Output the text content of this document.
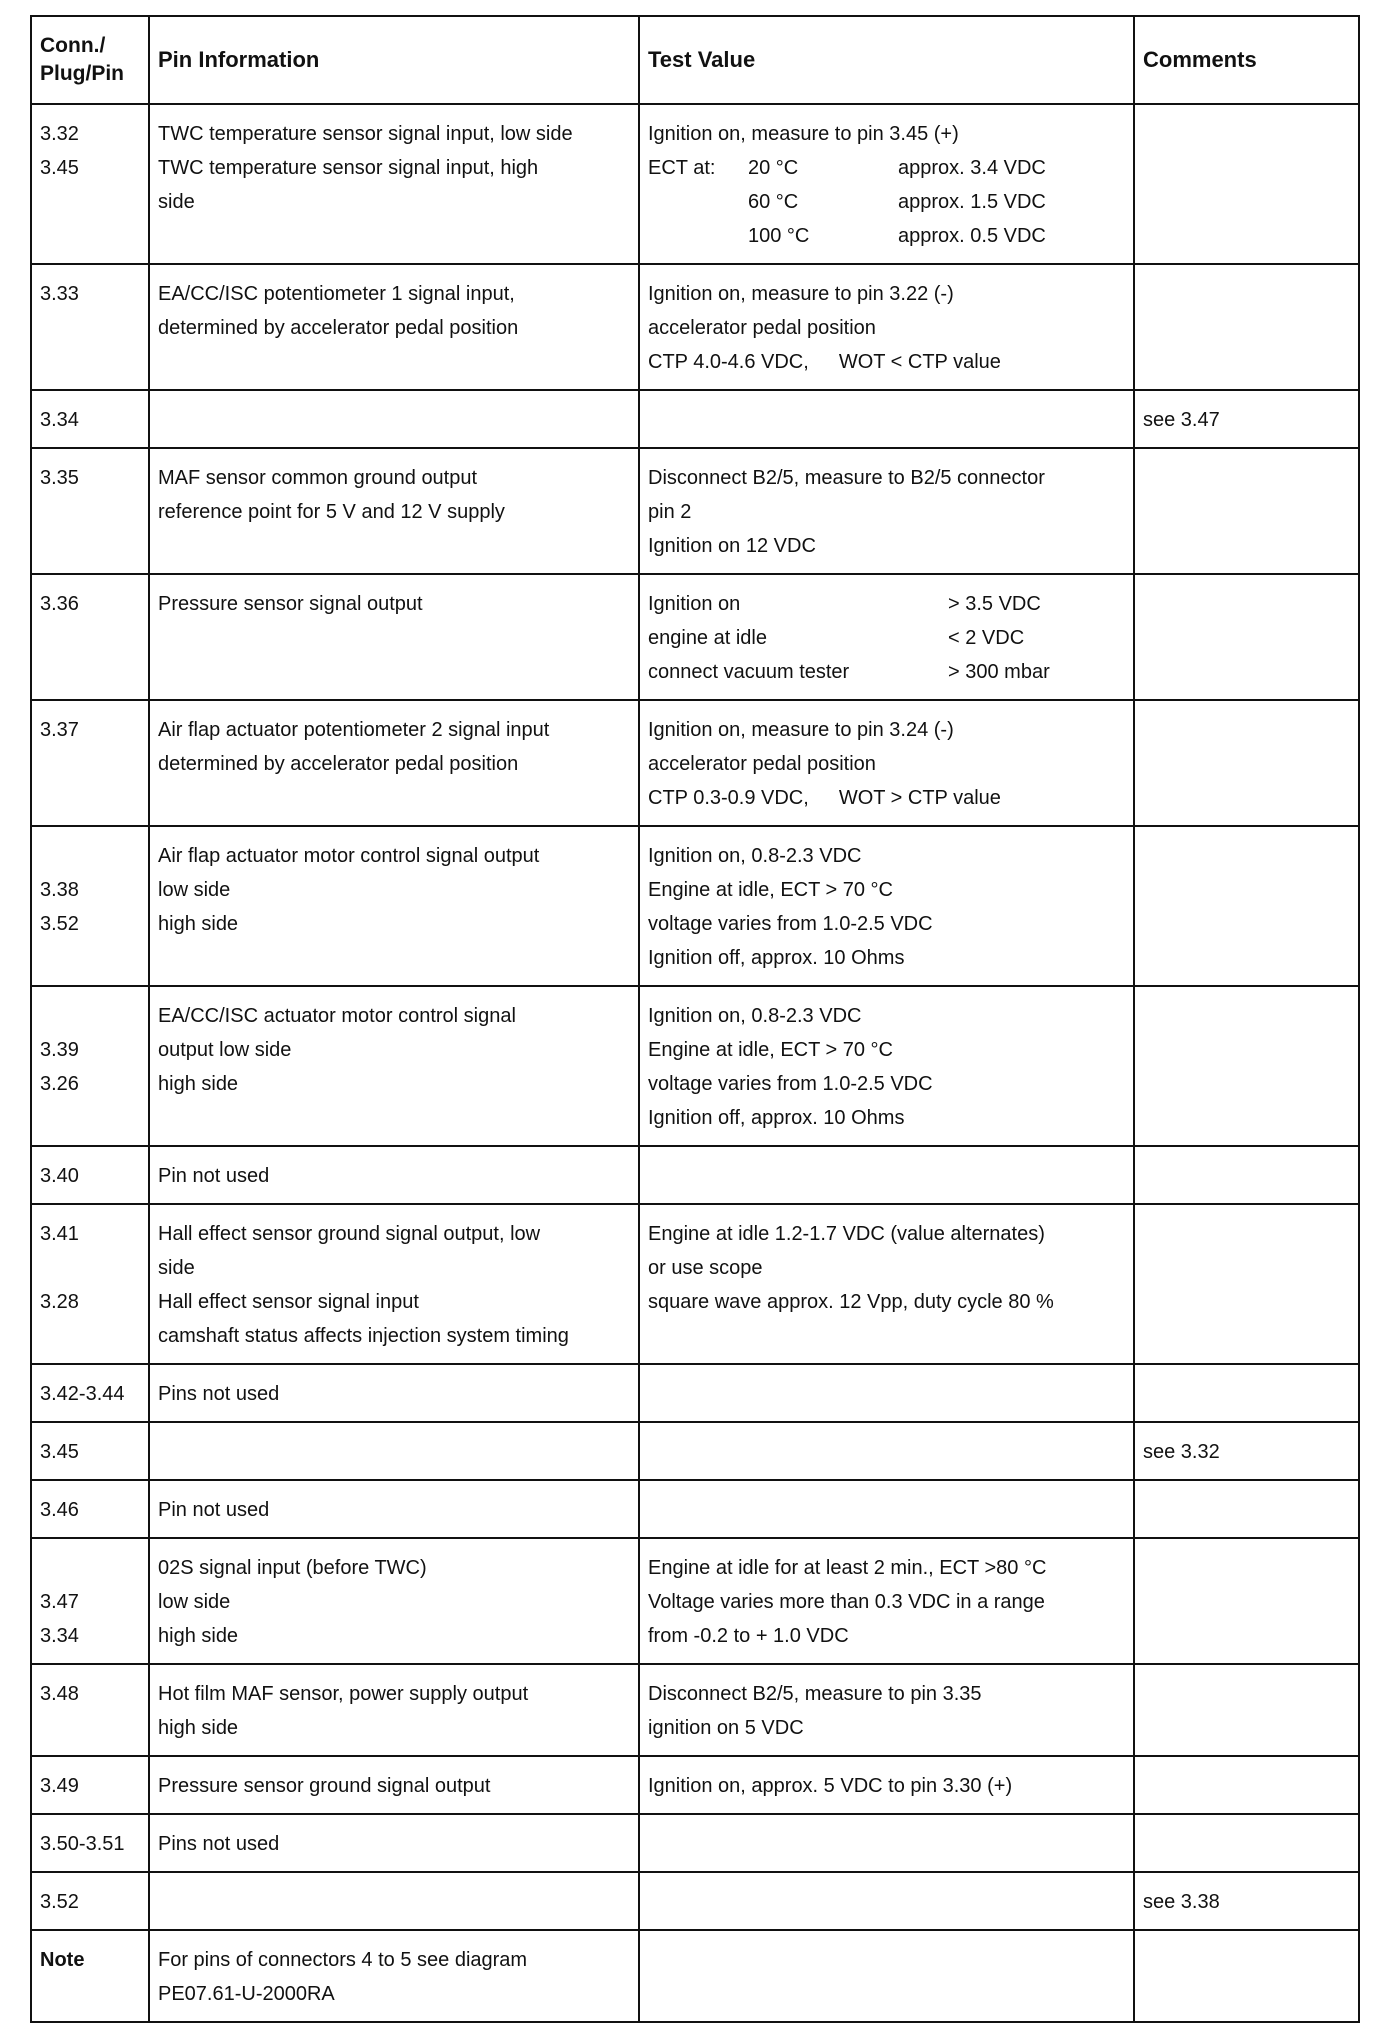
Conn./ Plug/Pin	Pin Information	Test Value	Comments

3.32
3.45	TWC temperature sensor signal input, low side
TWC temperature sensor signal input, high
side	Ignition on, measure to pin 3.45 (+)
ECT at: 20 °C approx. 3.4 VDC
60 °C approx. 1.5 VDC
100 °C approx. 0.5 VDC	

3.33	EA/CC/ISC potentiometer 1 signal input,
determined by accelerator pedal position	Ignition on, measure to pin 3.22 (-)
accelerator pedal position
CTP 4.0-4.6 VDC, WOT < CTP value	

3.34			see 3.47

3.35	MAF sensor common ground output
reference point for 5 V and 12 V supply	Disconnect B2/5, measure to B2/5 connector
pin 2
Ignition on 12 VDC	

3.36	Pressure sensor signal output	Ignition on > 3.5 VDC
engine at idle < 2 VDC
connect vacuum tester > 300 mbar	

3.37	Air flap actuator potentiometer 2 signal input
determined by accelerator pedal position	Ignition on, measure to pin 3.24 (-)
accelerator pedal position
CTP 0.3-0.9 VDC, WOT > CTP value	

3.38
3.52	Air flap actuator motor control signal output
low side
high side	Ignition on, 0.8-2.3 VDC
Engine at idle, ECT > 70 °C
voltage varies from 1.0-2.5 VDC
Ignition off, approx. 10 Ohms	

3.39
3.26	EA/CC/ISC actuator motor control signal
output low side
high side	Ignition on, 0.8-2.3 VDC
Engine at idle, ECT > 70 °C
voltage varies from 1.0-2.5 VDC
Ignition off, approx. 10 Ohms	

3.40	Pin not used		

3.41

3.28	Hall effect sensor ground signal output, low
side
Hall effect sensor signal input
camshaft status affects injection system timing	Engine at idle 1.2-1.7 VDC (value alternates)
or use scope
square wave approx. 12 Vpp, duty cycle 80 %	

3.42-3.44	Pins not used		

3.45			see 3.32

3.46	Pin not used		

3.47
3.34	02S signal input (before TWC)
low side
high side	Engine at idle for at least 2 min., ECT >80 °C
Voltage varies more than 0.3 VDC in a range
from -0.2 to + 1.0 VDC	

3.48	Hot film MAF sensor, power supply output
high side	Disconnect B2/5, measure to pin 3.35
ignition on 5 VDC	

3.49	Pressure sensor ground signal output	Ignition on, approx. 5 VDC to pin 3.30 (+)	

3.50-3.51	Pins not used		

3.52			see 3.38

Note	For pins of connectors 4 to 5 see diagram
PE07.61-U-2000RA		
